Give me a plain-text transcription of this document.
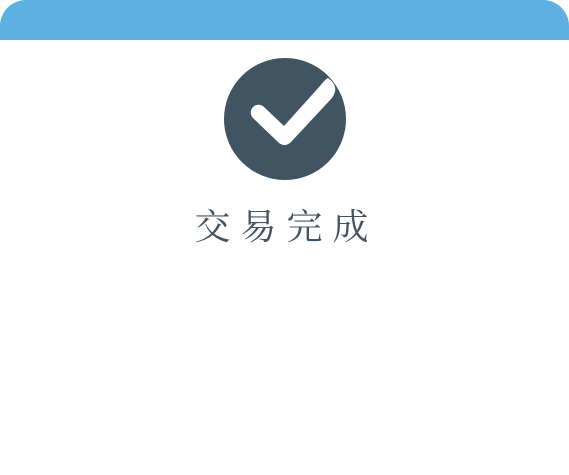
交易完成
